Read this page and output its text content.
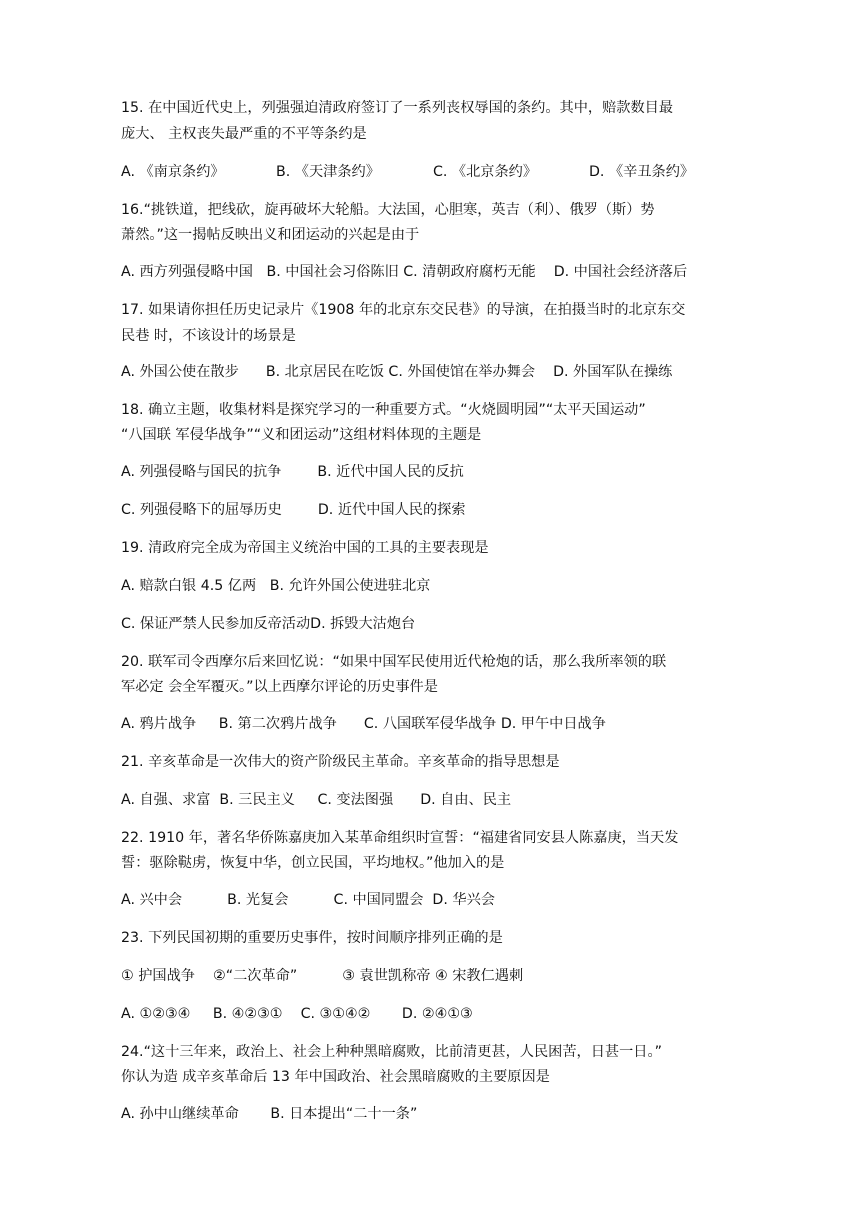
15. 在中国近代史上，列强强迫清政府签订了一系列丧权辱国的条约。其中，赔款数目最
庞大、 主权丧失最严重的不平等条约是
A. 《南京条约》	B. 《天津条约》	C. 《北京条约》	D. 《辛丑条约》
16.“挑铁道，把线砍，旋再破坏大轮船。大法国，心胆寒，英吉（利）、俄罗（斯）势
萧然。”这一揭帖反映出义和团运动的兴起是由于
A. 西方列强侵略中国   B. 中国社会习俗陈旧 C. 清朝政府腐朽无能    D. 中国社会经济落后
17. 如果请你担任历史记录片《1908 年的北京东交民巷》的导演，在拍摄当时的北京东交
民巷 时，不该设计的场景是
A. 外国公使在散步      B. 北京居民在吃饭 C. 外国使馆在举办舞会    D. 外国军队在操练
18. 确立主题，收集材料是探究学习的一种重要方式。“火烧圆明园”“太平天国运动”
“八国联 军侵华战争”“义和团运动”这组材料体现的主题是
A. 列强侵略与国民的抗争        B. 近代中国人民的反抗
C. 列强侵略下的屈辱历史        D. 近代中国人民的探索
19. 清政府完全成为帝国主义统治中国的工具的主要表现是
A. 赔款白银 4.5 亿两   B. 允许外国公使进驻北京
C. 保证严禁人民参加反帝活动D. 拆毁大沽炮台
20. 联军司令西摩尔后来回忆说：“如果中国军民使用近代枪炮的话，那么我所率领的联
军必定 会全军覆灭。”以上西摩尔评论的历史事件是
A. 鸦片战争     B. 第二次鸦片战争      C. 八国联军侵华战争 D. 甲午中日战争
21. 辛亥革命是一次伟大的资产阶级民主革命。辛亥革命的指导思想是
A. 自强、求富  B. 三民主义     C. 变法图强      D. 自由、民主
22. 1910 年，著名华侨陈嘉庚加入某革命组织时宣誓：“福建省同安县人陈嘉庚，当天发
誓：驱除鞑虏，恢复中华，创立民国，平均地权。”他加入的是
A. 兴中会          B. 光复会          C. 中国同盟会  D. 华兴会
23. 下列民国初期的重要历史事件，按时间顺序排列正确的是
① 护国战争    ②“二次革命”          ③ 袁世凯称帝 ④ 宋教仁遇刺
A. ①②③④     B. ④②③①    C. ③①④②       D. ②④①③
24.“这十三年来，政治上、社会上种种黑暗腐败，比前清更甚，人民困苦，日甚一日。”
你认为造 成辛亥革命后 13 年中国政治、社会黑暗腐败的主要原因是
A. 孙中山继续革命       B. 日本提出“二十一条”
